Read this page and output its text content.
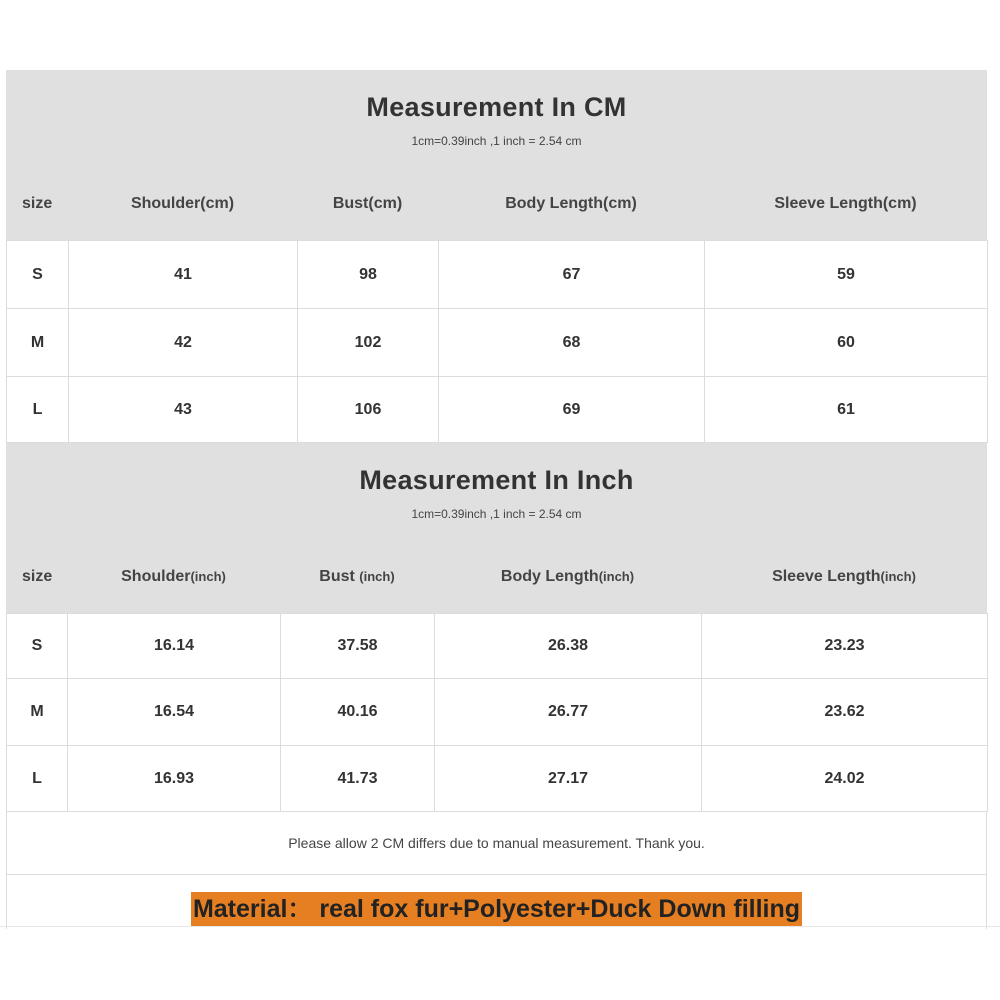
Measurement In CM
1cm=0.39inch ,1 inch = 2.54 cm
size	Shoulder(cm)	Bust(cm)	Body Length(cm)	Sleeve Length(cm)
S	41	98	67	59
M	42	102	68	60
L	43	106	69	61
Measurement In Inch
1cm=0.39inch ,1 inch = 2.54 cm
size	Shoulder(inch)	Bust (inch)	Body Length(inch)	Sleeve Length(inch)
S	16.14	37.58	26.38	23.23
M	16.54	40.16	26.77	23.62
L	16.93	41.73	27.17	24.02
Please allow 2 CM differs due to manual measurement. Thank you.
Material： real fox fur+Polyester+Duck Down filling
